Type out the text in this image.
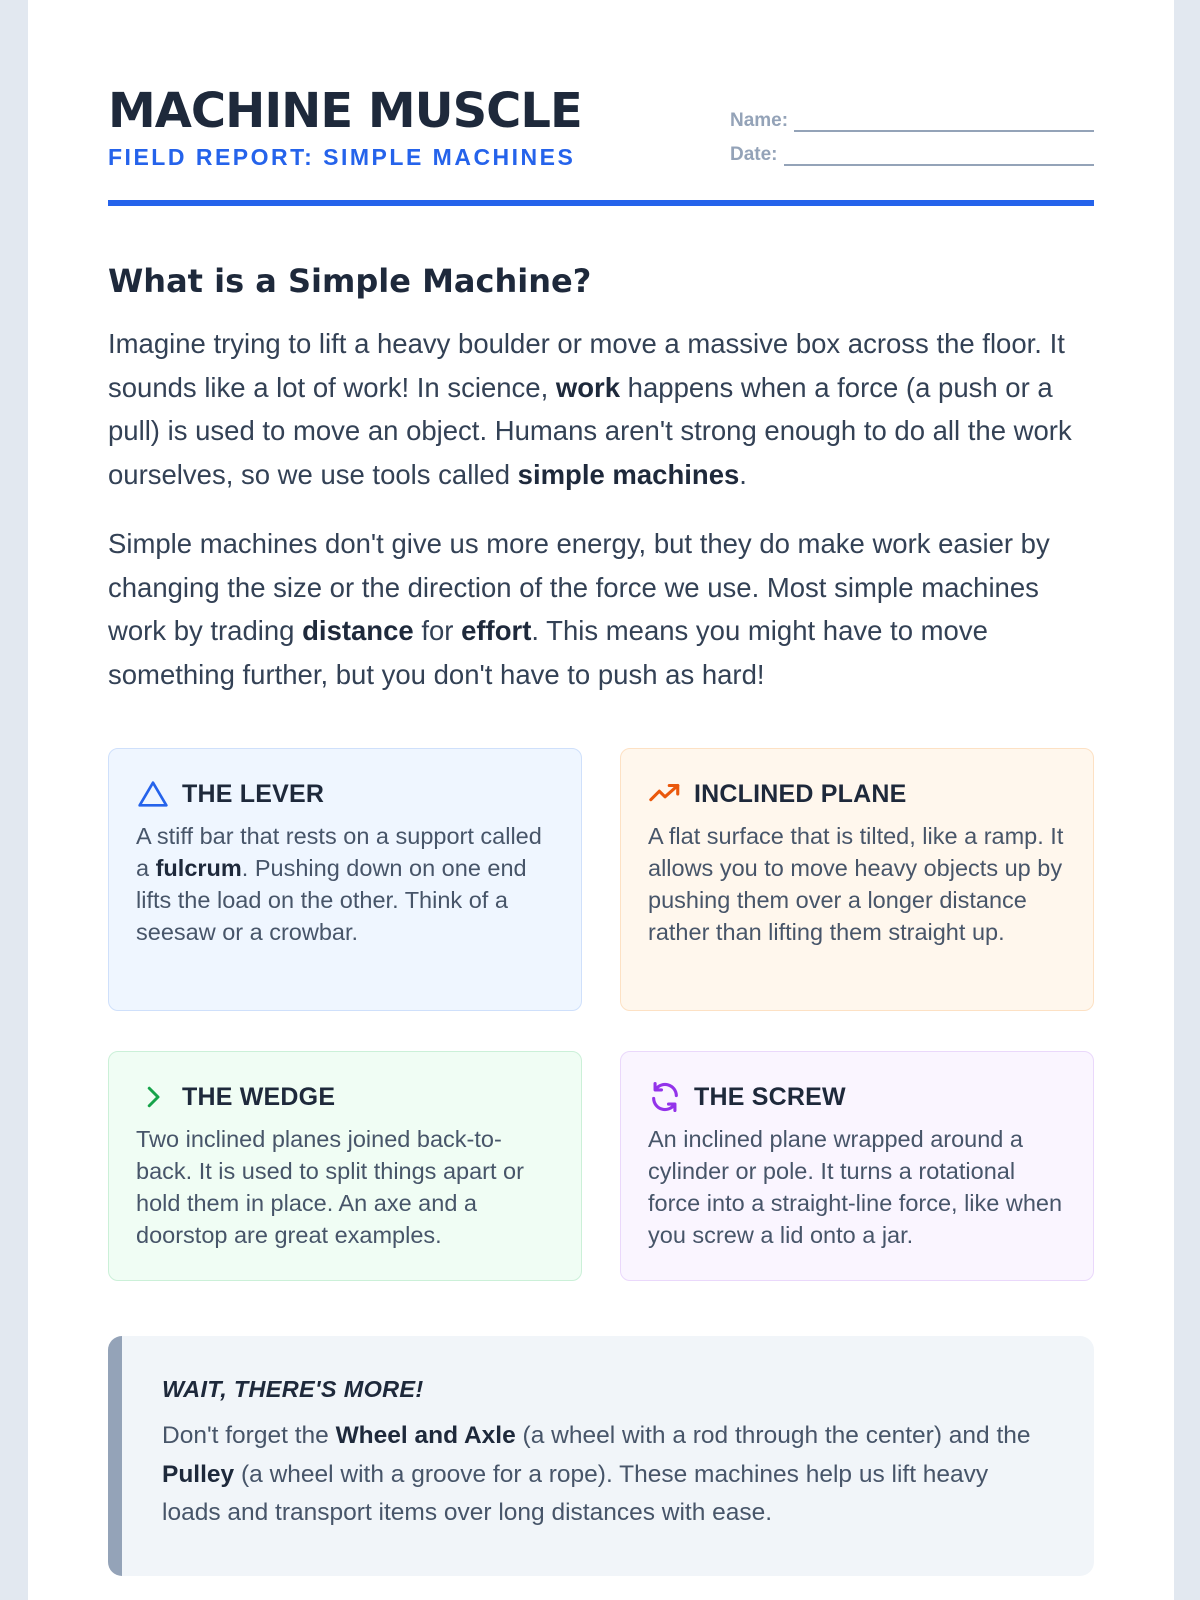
MACHINE MUSCLE
FIELD REPORT: SIMPLE MACHINES
Name:
Date:
What is a Simple Machine?
Imagine trying to lift a heavy boulder or move a massive box across the floor. It sounds like a lot of work! In science, work happens when a force (a push or a pull) is used to move an object. Humans aren't strong enough to do all the work ourselves, so we use tools called simple machines.
Simple machines don't give us more energy, but they do make work easier by changing the size or the direction of the force we use. Most simple machines work by trading distance for effort. This means you might have to move something further, but you don't have to push as hard!
THE LEVER
A stiff bar that rests on a support called a fulcrum. Pushing down on one end lifts the load on the other. Think of a seesaw or a crowbar.
INCLINED PLANE
A flat surface that is tilted, like a ramp. It allows you to move heavy objects up by pushing them over a longer distance rather than lifting them straight up.
THE WEDGE
Two inclined planes joined back-to-back. It is used to split things apart or hold them in place. An axe and a doorstop are great examples.
THE SCREW
An inclined plane wrapped around a cylinder or pole. It turns a rotational force into a straight-line force, like when you screw a lid onto a jar.
WAIT, THERE'S MORE!
Don't forget the Wheel and Axle (a wheel with a rod through the center) and the Pulley (a wheel with a groove for a rope). These machines help us lift heavy loads and transport items over long distances with ease.
